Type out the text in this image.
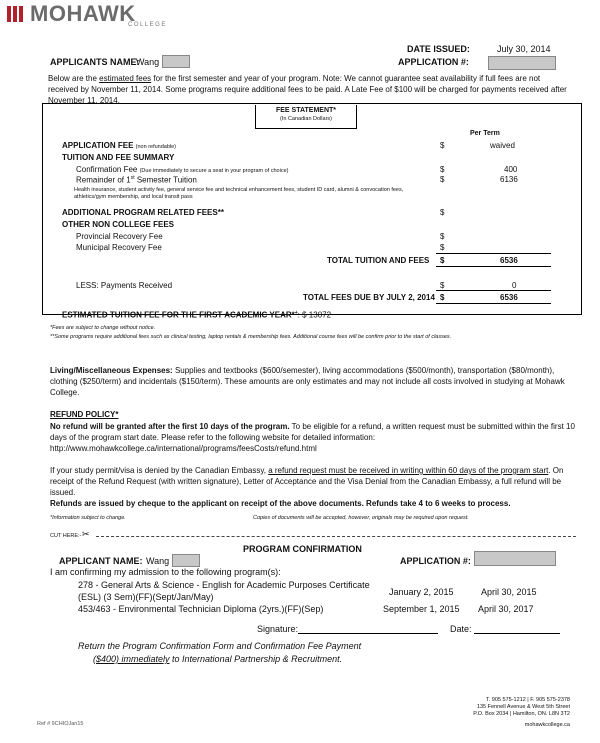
MOHAWK
COLLEGE
APPLICANTS NAME:
Wang
DATE ISSUED:	July 30, 2014
APPLICATION #:
Below are the estimated fees for the first semester and year of your program. Note: We cannot guarantee seat availability if full fees are not received by November 11, 2014. Some programs require additional fees to be paid. A Late Fee of $100 will be charged for payments received after November 11, 2014.
FEE STATEMENT*
(In Canadian Dollars)
Per Term
APPLICATION FEE (non refundable)	$	waived
TUITION AND FEE SUMMARY
Confirmation Fee (Due immediately to secure a seat in your program of choice)	$	400
Remainder of 1st Semester Tuition	$	6136
Health insurance, student activity fee, general service fee and technical enhancement fees, student ID card, alumni & convocation fees, athletics/gym membership, and local transit pass
ADDITIONAL PROGRAM RELATED FEES**	$
OTHER NON COLLEGE FEES
Provincial Recovery Fee	$
Municipal Recovery Fee	$
TOTAL TUITION AND FEES $	6536
LESS: Payments Received	$	0
TOTAL FEES DUE BY JULY 2, 2014 $	6536
ESTIMATED TUITION FEE FOR THE FIRST ACADEMIC YEAR*+: $ 13072
*Fees are subject to change without notice.
**Some programs require additional fees such as clinical testing, laptop rentals & membership fees. Additional course fees will be confirm prior to the start of classes.
Living/Miscellaneous Expenses: Supplies and textbooks ($600/semester), living accommodations ($500/month), transportation ($80/month), clothing ($250/term) and incidentals ($150/term). These amounts are only estimates and may not include all costs involved in studying at Mohawk College.
REFUND POLICY*
No refund will be granted after the first 10 days of the program. To be eligible for a refund, a written request must be submitted within the first 10 days of the program start date. Please refer to the following website for detailed information:
http://www.mohawkcollege.ca/international/programs/feesCosts/refund.html
If your study permit/visa is denied by the Canadian Embassy, a refund request must be received in writing within 60 days of the program start. On receipt of the Refund Request (with written signature), Letter of Acceptance and the Visa Denial from the Canadian Embassy, a full refund will be issued.
Refunds are issued by cheque to the applicant on receipt of the above documents. Refunds take 4 to 6 weeks to process.
*Information subject to change.	Copies of documents will be accepted, however, originals may be required upon request.
CUT HERE:- ✂
PROGRAM CONFIRMATION
APPLICANT NAME: Wang	APPLICATION #:
I am confirming my admission to the following program(s):
278 - General Arts & Science - English for Academic Purposes Certificate
(ESL) (3 Sem)(FF)(Sept/Jan/May)	January 2, 2015	April 30, 2015
453/463 - Environmental Technician Diploma (2yrs.)(FF)(Sep)	September 1, 2015 April 30, 2017
Signature:	Date:
Return the Program Confirmation Form and Confirmation Fee Payment
($400) immediately to International Partnership & Recruitment.
T. 905 575-1212 | F. 905 575-2378
135 Fennell Avenue & West 5th Street
P.O. Box 2034 | Hamilton, ON. L8N 3T2
mohawkcollege.ca
Ref # 9CHIOJan15
